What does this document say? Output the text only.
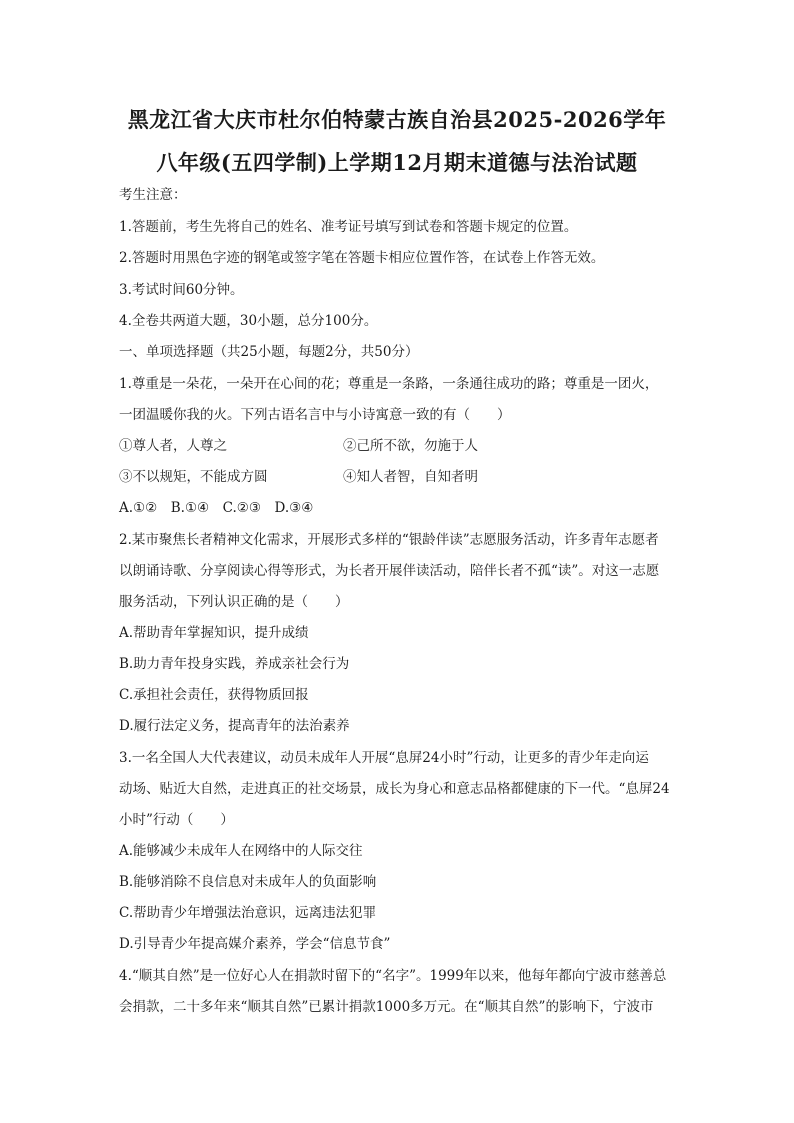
黑龙江省大庆市杜尔伯特蒙古族自治县2025-2026学年
八年级(五四学制)上学期12月期末道德与法治试题
考生注意：
1.答题前，考生先将自己的姓名、准考证号填写到试卷和答题卡规定的位置。
2.答题时用黑色字迹的钢笔或签字笔在答题卡相应位置作答，在试卷上作答无效。
3.考试时间60分钟。
4.全卷共两道大题，30小题，总分100分。
一、单项选择题（共25小题，每题2分，共50分）
1.尊重是一朵花，一朵开在心间的花；尊重是一条路，一条通往成功的路；尊重是一团火，
一团温暖你我的火。下列古语名言中与小诗寓意一致的有（　　）
①尊人者，人尊之	②己所不欲，勿施于人
③不以规矩，不能成方圆	④知人者智，自知者明
A.①②　B.①④　C.②③　D.③④
2.某市聚焦长者精神文化需求，开展形式多样的“银龄伴读”志愿服务活动，许多青年志愿者
以朗诵诗歌、分享阅读心得等形式，为长者开展伴读活动，陪伴长者不孤“读”。对这一志愿
服务活动，下列认识正确的是（　　）
A.帮助青年掌握知识，提升成绩
B.助力青年投身实践，养成亲社会行为
C.承担社会责任，获得物质回报
D.履行法定义务，提高青年的法治素养
3.一名全国人大代表建议，动员未成年人开展“息屏24小时”行动，让更多的青少年走向运
动场、贴近大自然，走进真正的社交场景，成长为身心和意志品格都健康的下一代。“息屏24
小时”行动（　　）
A.能够减少未成年人在网络中的人际交往
B.能够消除不良信息对未成年人的负面影响
C.帮助青少年增强法治意识，远离违法犯罪
D.引导青少年提高媒介素养，学会“信息节食”
4.“顺其自然”是一位好心人在捐款时留下的“名字”。1999年以来，他每年都向宁波市慈善总
会捐款，二十多年来“顺其自然”已累计捐款1000多万元。在“顺其自然”的影响下，宁波市
